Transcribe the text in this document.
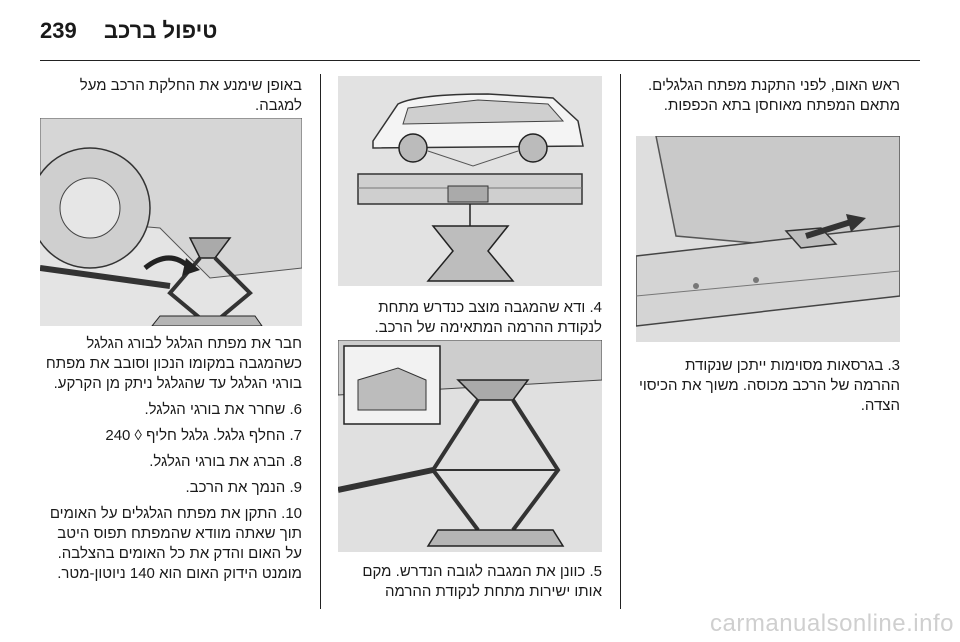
239 טיפול ברכב

ראש האום, לפני התקנת מפתח הגלגלים. מתאם המפתח מאוחסן בתא הכפפות.

3. בגרסאות מסוימות ייתכן שנקודת ההרמה של הרכב מכוסה. משוך את הכיסוי הצדה.
4. ודא שהמגבה מוצב כנדרש מתחת לנקודת ההרמה המתאימה של הרכב.
5. כוונן את המגבה לגובה הנדרש. מקם אותו ישירות מתחת לנקודת ההרמה

באופן שימנע את החלקת הרכב מעל למגבה.

חבר את מפתח הגלגל לבורג הגלגל כשהמגבה במקומו הנכון וסובב את מפתח בורגי הגלגל עד שהגלגל ניתק מן הקרקע.
6. שחרר את בורגי הגלגל.
7. החלף גלגל. גלגל חליף ◊ 240
8. הברג את בורגי הגלגל.
9. הנמך את הרכב.
10. התקן את מפתח הגלגלים על האומים תוך שאתה מוודא שהמפתח תפוס היטב על האום והדק את כל האומים בהצלבה. מומנט הידוק האום הוא 140 ניוטון-מטר.
carmanualsonline.info
